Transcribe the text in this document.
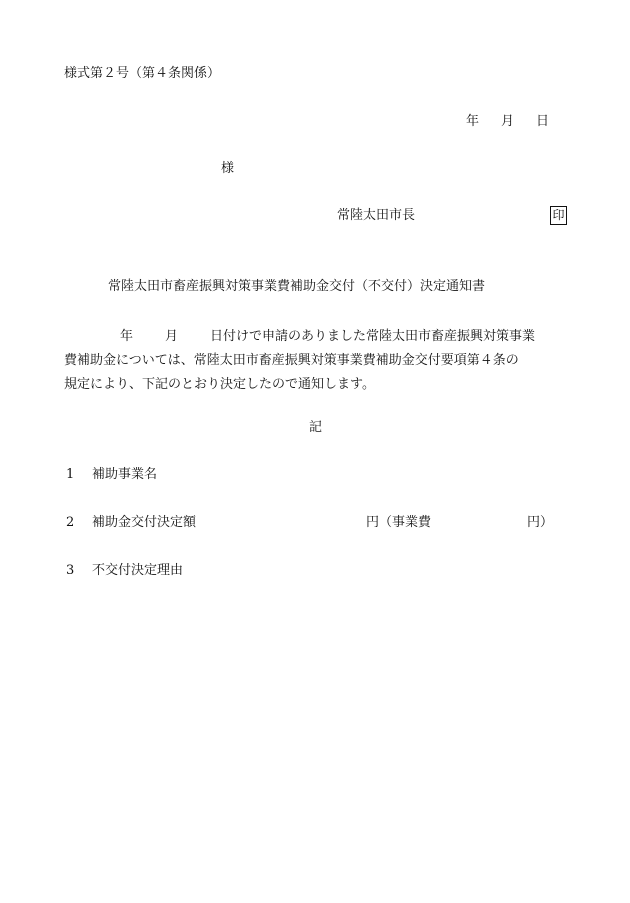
様式第２号（第４条関係）
年 月 日
様
常陸太田市長	印
常陸太田市畜産振興対策事業費補助金交付（不交付）決定通知書
年 月 日付けで申請のありました常陸太田市畜産振興対策事業
費補助金については、常陸太田市畜産振興対策事業費補助金交付要項第４条の
規定により、下記のとおり決定したので通知します。
記
1 補助事業名
2 補助金交付決定額	円（事業費	円）
3 不交付決定理由
